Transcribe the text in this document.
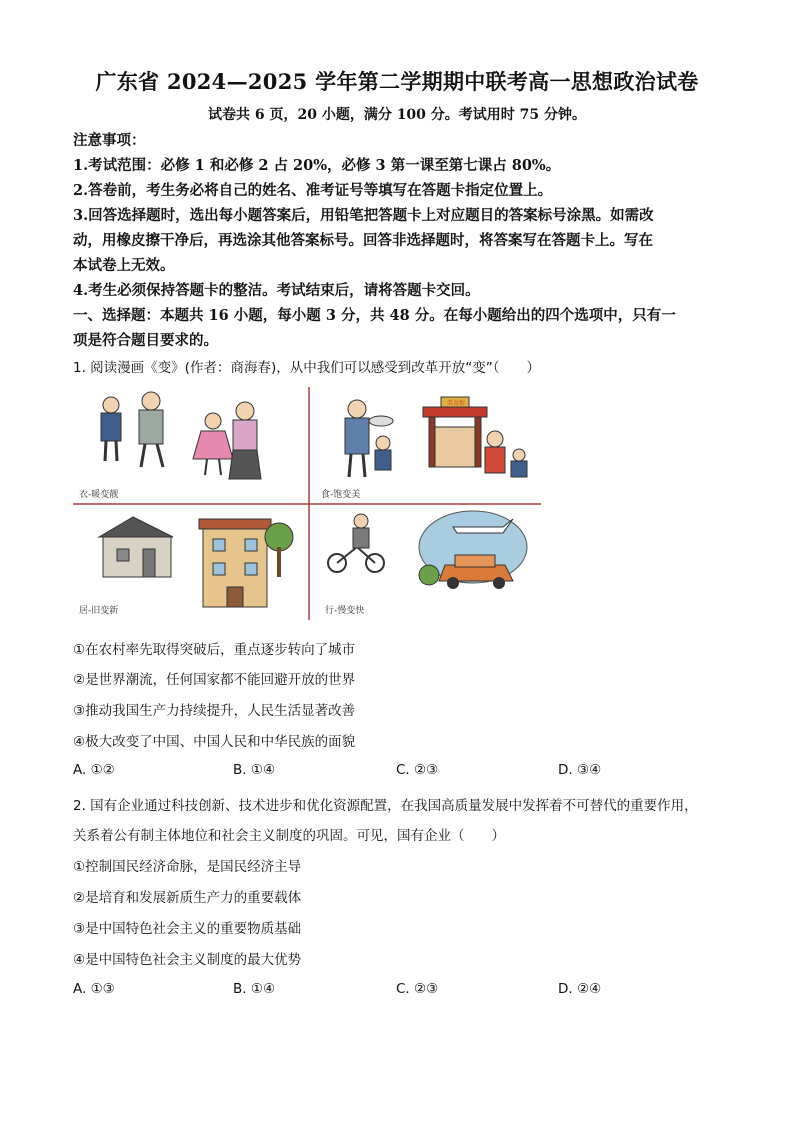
广东省 2024—2025 学年第二学期期中联考高一思想政治试卷
试卷共 6 页，20 小题，满分 100 分。考试用时 75 分钟。
注意事项：
1.考试范围：必修 1 和必修 2 占 20%，必修 3 第一课至第七课占 80%。
2.答卷前，考生务必将自己的姓名、准考证号等填写在答题卡指定位置上。
3.回答选择题时，选出每小题答案后，用铅笔把答题卡上对应题目的答案标号涂黑。如需改
动，用橡皮擦干净后，再选涂其他答案标号。回答非选择题时，将答案写在答题卡上。写在
本试卷上无效。
4.考生必须保持答题卡的整洁。考试结束后，请将答题卡交回。
一、选择题：本题共 16 小题，每小题 3 分，共 48 分。在每小题给出的四个选项中，只有一
项是符合题目要求的。
1. 阅读漫画《变》(作者：商海春)，从中我们可以感受到改革开放“变”（　　）
衣-暖变靓
美食街
食-饱变美
居-旧变新	行-慢变快
①在农村率先取得突破后，重点逐步转向了城市
②是世界潮流，任何国家都不能回避开放的世界
③推动我国生产力持续提升，人民生活显著改善
④极大改变了中国、中国人民和中华民族的面貌
A. ①②	B. ①④	C. ②③	D. ③④
2. 国有企业通过科技创新、技术进步和优化资源配置，在我国高质量发展中发挥着不可替代的重要作用，
关系着公有制主体地位和社会主义制度的巩固。可见，国有企业（　　）
①控制国民经济命脉，是国民经济主导
②是培育和发展新质生产力的重要载体
③是中国特色社会主义的重要物质基础
④是中国特色社会主义制度的最大优势
A. ①③	B. ①④	C. ②③	D. ②④
